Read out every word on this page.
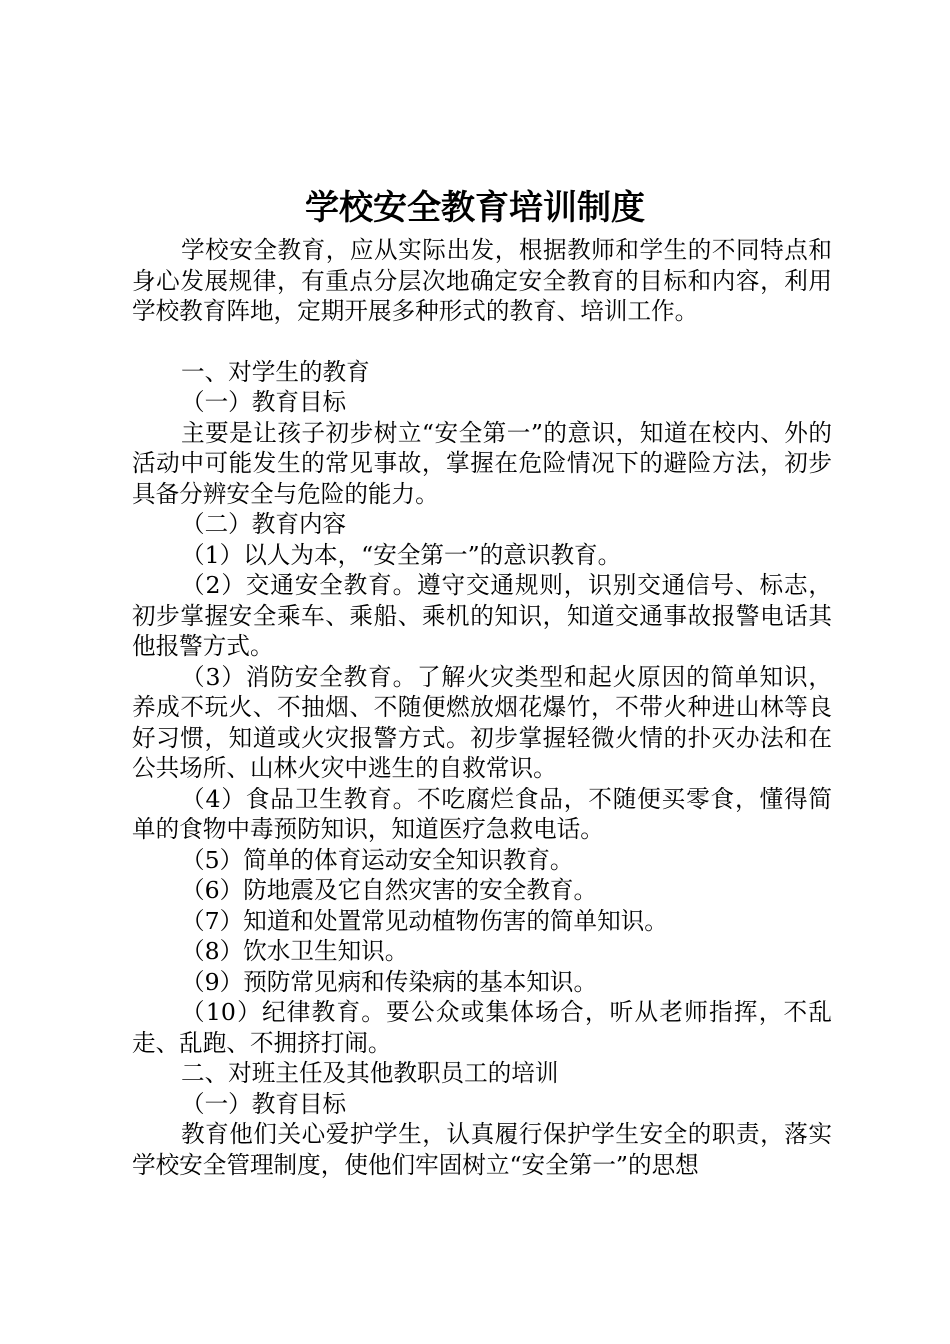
学校安全教育培训制度

学校安全教育，应从实际出发，根据教师和学生的不同特点和身心发展规律，有重点分层次地确定安全教育的目标和内容，利用学校教育阵地，定期开展多种形式的教育、培训工作。

一、对学生的教育

（一）教育目标

主要是让孩子初步树立“安全第一”的意识，知道在校内、外的活动中可能发生的常见事故，掌握在危险情况下的避险方法，初步具备分辨安全与危险的能力。

（二）教育内容

（1）以人为本，“安全第一”的意识教育。

（2）交通安全教育。遵守交通规则，识别交通信号、标志，初步掌握安全乘车、乘船、乘机的知识，知道交通事故报警电话其他报警方式。

（3）消防安全教育。了解火灾类型和起火原因的简单知识，养成不玩火、不抽烟、不随便燃放烟花爆竹，不带火种进山林等良好习惯，知道或火灾报警方式。初步掌握轻微火情的扑灭办法和在公共场所、山林火灾中逃生的自救常识。

（4）食品卫生教育。不吃腐烂食品，不随便买零食，懂得简单的食物中毒预防知识，知道医疗急救电话。

（5）简单的体育运动安全知识教育。

（6）防地震及它自然灾害的安全教育。

（7）知道和处置常见动植物伤害的简单知识。

（8）饮水卫生知识。

（9）预防常见病和传染病的基本知识。

（10）纪律教育。要公众或集体场合，听从老师指挥，不乱走、乱跑、不拥挤打闹。

二、对班主任及其他教职员工的培训

（一）教育目标

教育他们关心爱护学生，认真履行保护学生安全的职责，落实学校安全管理制度，使他们牢固树立“安全第一”的思想
